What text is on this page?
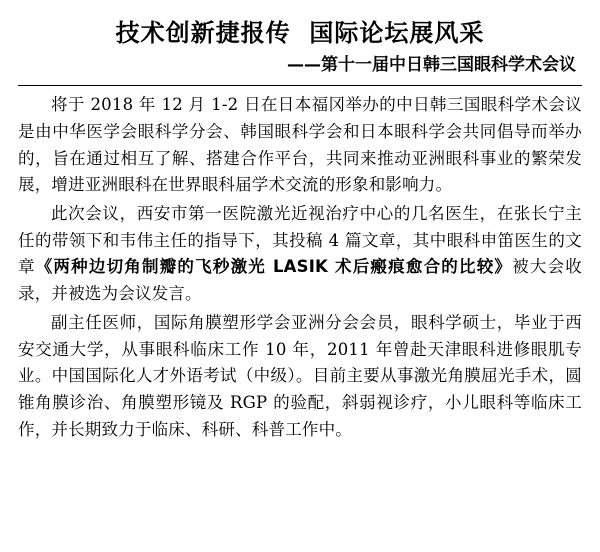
技术创新捷报传  国际论坛展风采
——第十一届中日韩三国眼科学术会议

将于 2018 年 12 月 1-2 日在日本福冈举办的中日韩三国眼科学术会议是由中华医学会眼科学分会、韩国眼科学会和日本眼科学会共同倡导而举办的，旨在通过相互了解、搭建合作平台，共同来推动亚洲眼科事业的繁荣发展，增进亚洲眼科在世界眼科届学术交流的形象和影响力。

此次会议，西安市第一医院激光近视治疗中心的几名医生，在张长宁主任的带领下和韦伟主任的指导下，其投稿 4 篇文章，其中眼科申笛医生的文章《两种边切角制瓣的飞秒激光 LASIK 术后瘢痕愈合的比较》被大会收录，并被选为会议发言。

副主任医师，国际角膜塑形学会亚洲分会会员，眼科学硕士，毕业于西安交通大学，从事眼科临床工作 10 年，2011 年曾赴天津眼科进修眼肌专业。中国国际化人才外语考试（中级）。目前主要从事激光角膜屈光手术，圆锥角膜诊治、角膜塑形镜及 RGP 的验配，斜弱视诊疗，小儿眼科等临床工作，并长期致力于临床、科研、科普工作中。
